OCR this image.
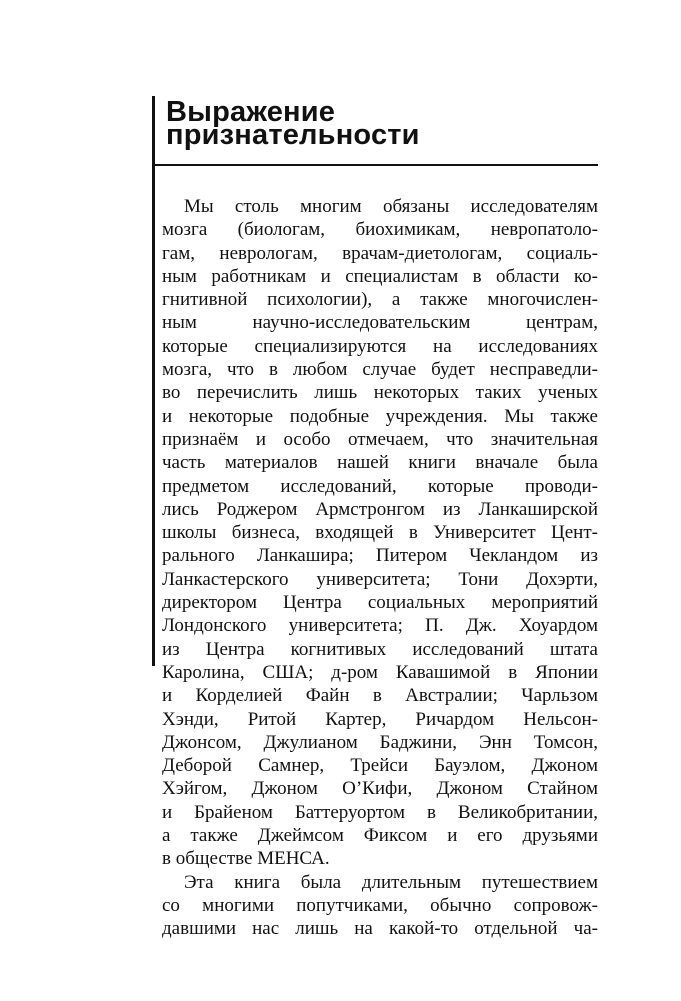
Выражение
признательности
Мы столь многим обязаны исследователям
мозга (биологам, биохимикам, невропатоло-
гам, неврологам, врачам-диетологам, социаль-
ным работникам и специалистам в области ко-
гнитивной психологии), а также многочислен-
ным научно-исследовательским центрам,
которые специализируются на исследованиях
мозга, что в любом случае будет несправедли-
во перечислить лишь некоторых таких ученых
и некоторые подобные учреждения. Мы также
признаём и особо отмечаем, что значительная
часть материалов нашей книги вначале была
предметом исследований, которые проводи-
лись Роджером Армстронгом из Ланкаширской
школы бизнеса, входящей в Университет Цент-
рального Ланкашира; Питером Чекландом из
Ланкастерского университета; Тони Дохэрти,
директором Центра социальных мероприятий
Лондонского университета; П. Дж. Хоуардом
из Центра когнитивых исследований штата
Каролина, США; д-ром Кавашимой в Японии
и Корделией Файн в Австралии; Чарльзом
Хэнди, Ритой Картер, Ричардом Нельсон-
Джонсом, Джулианом Баджини, Энн Томсон,
Деборой Самнер, Трейси Бауэлом, Джоном
Хэйгом, Джоном О’Кифи, Джоном Стайном
и Брайеном Баттеруортом в Великобритании,
а также Джеймсом Фиксом и его друзьями
в обществе МЕНСА.
Эта книга была длительным путешествием
со многими попутчиками, обычно сопровож-
давшими нас лишь на какой-то отдельной ча-
